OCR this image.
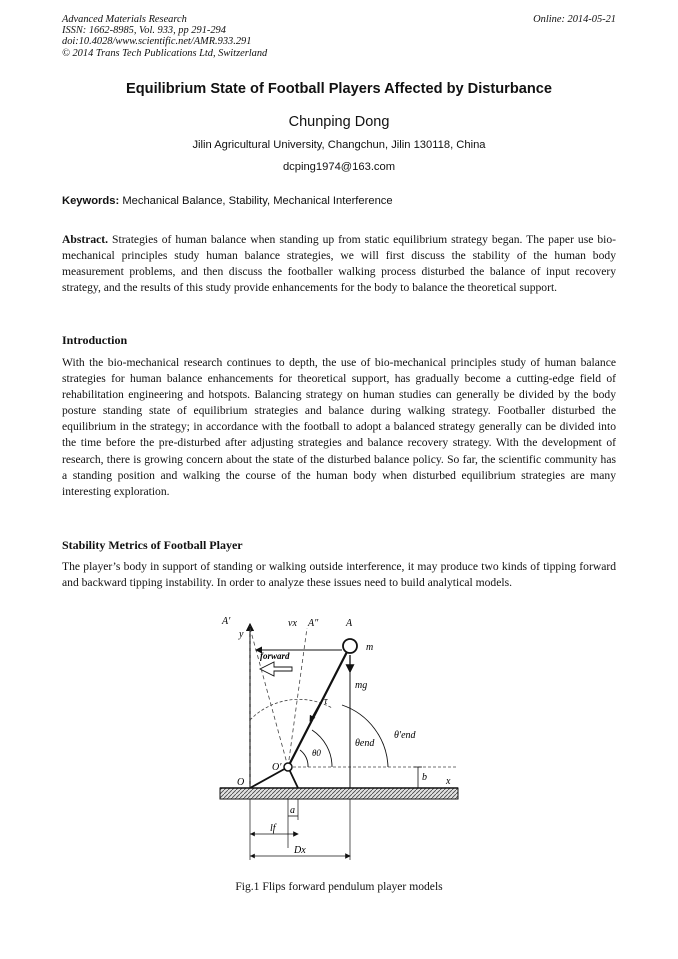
Advanced Materials Research
ISSN: 1662-8985, Vol. 933, pp 291-294
doi:10.4028/www.scientific.net/AMR.933.291
© 2014 Trans Tech Publications Ltd, Switzerland
Online: 2014-05-21
Equilibrium State of Football Players Affected by Disturbance
Chunping Dong
Jilin Agricultural University, Changchun, Jilin 130118, China
dcping1974@163.com
Keywords: Mechanical Balance, Stability, Mechanical Interference
Abstract. Strategies of human balance when standing up from static equilibrium strategy began. The paper use bio-mechanical principles study human balance strategies, we will first discuss the stability of the human body measurement problems, and then discuss the footballer walking process disturbed the balance of input recovery strategy, and the results of this study provide enhancements for the body to balance the theoretical support.
Introduction
With the bio-mechanical research continues to depth, the use of bio-mechanical principles study of human balance strategies for human balance enhancements for theoretical support, has gradually become a cutting-edge field of rehabilitation engineering and hotspots. Balancing strategy on human studies can generally be divided by the body posture standing state of equilibrium strategies and balance during walking strategy. Footballer disturbed the equilibrium in the strategy; in accordance with the football to adopt a balanced strategy generally can be divided into the time before the pre-disturbed after adjusting strategies and balance recovery strategy. With the development of research, there is growing concern about the state of the disturbed balance policy. So far, the scientific community has a standing position and walking the course of the human body when disturbed equilibrium strategies are many interesting exploration.
Stability Metrics of Football Player
The player’s body in support of standing or walking outside interference, it may produce two kinds of tipping forward and backward tipping instability. In order to analyze these issues need to build analytical models.
A′
y
vx A″	A
m
forward
mg
τ
θend
θ′end
θ0
O′
O	b x
a
lf
Dx
Fig.1 Flips forward pendulum player models
